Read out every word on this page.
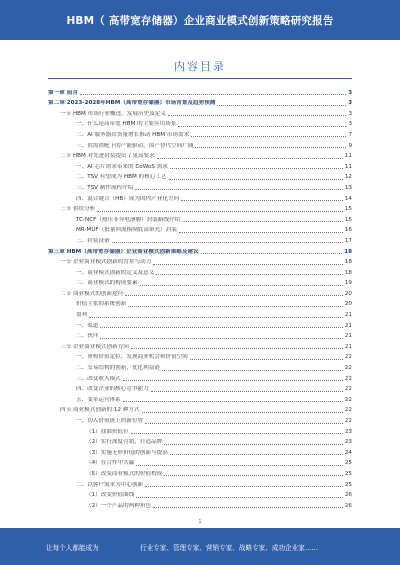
HBM（ 高带宽存储器）企业商业模式创新策略研究报告
内容目录
第一章 前言	3
第二章 2023-2028年HBM（高带宽存储器）市场背景及趋势预测	3
一节 HBM 市场行业概述，发展历史及定义	3
一、什么是高带宽 HBM 的主要应用场景	3
二、AI 服务器出货量增长推动 HBM 市场需求	7
三、供需错配下的产能驱动，国产替代空间广阔	9
二节 HBM 对先进封装提出了更高要求	11
一、AI 芯片需求带来的 CoWoS 需求	11
二、TSV 有望成为 HBM 的核心工艺	12
三、TSV 制作流程介绍	13
四、混合键合（HB）成为国内产业化方向	14
三节 供给分析	15
TC-NCF（热压非导电薄膜）封装路线介绍	15
MR-MUF（批量回流模制底部填充）封装	16
三、封装设备	17
第三章 HBM（高带宽存储器）企业商业模式创新策略及建议	18
一节 企业商业模式创新的背景与动力	18
一、商业模式创新的定义及意义	18
二、商业模式的构成要素	19
二节 商业模式的创新途径	20
价值主张的系统创新	20
盈利	21
一、渠道	21
二、伙伴	21
三节 企业商业模式创新方向	21
一、重构价值定位，发现商业机会和价值空间	22
二、交易结构的创新，优化利益链	22
三、改变收入模式	22
四、改变企业的核心竞争能力	22
五、变革运营体系	22
四节 商业模式创新的 12 种方式	22
一、切入价值链上的新位置	22
（1）找准价值位	23
（2）实行深度营销，打造品牌	23
（3）实施无形价值的创新与提高	24
（4）在合作中共赢	25
（5）改变商业模式的价值构成	25
二、以客户需求为中心创新	25
（1）改变价值曲线	26
（2）一个产品的两种角色	26
1
让每个人都能成为	行业专家、管理专家、营销专家、战略专家、成功企业家……
